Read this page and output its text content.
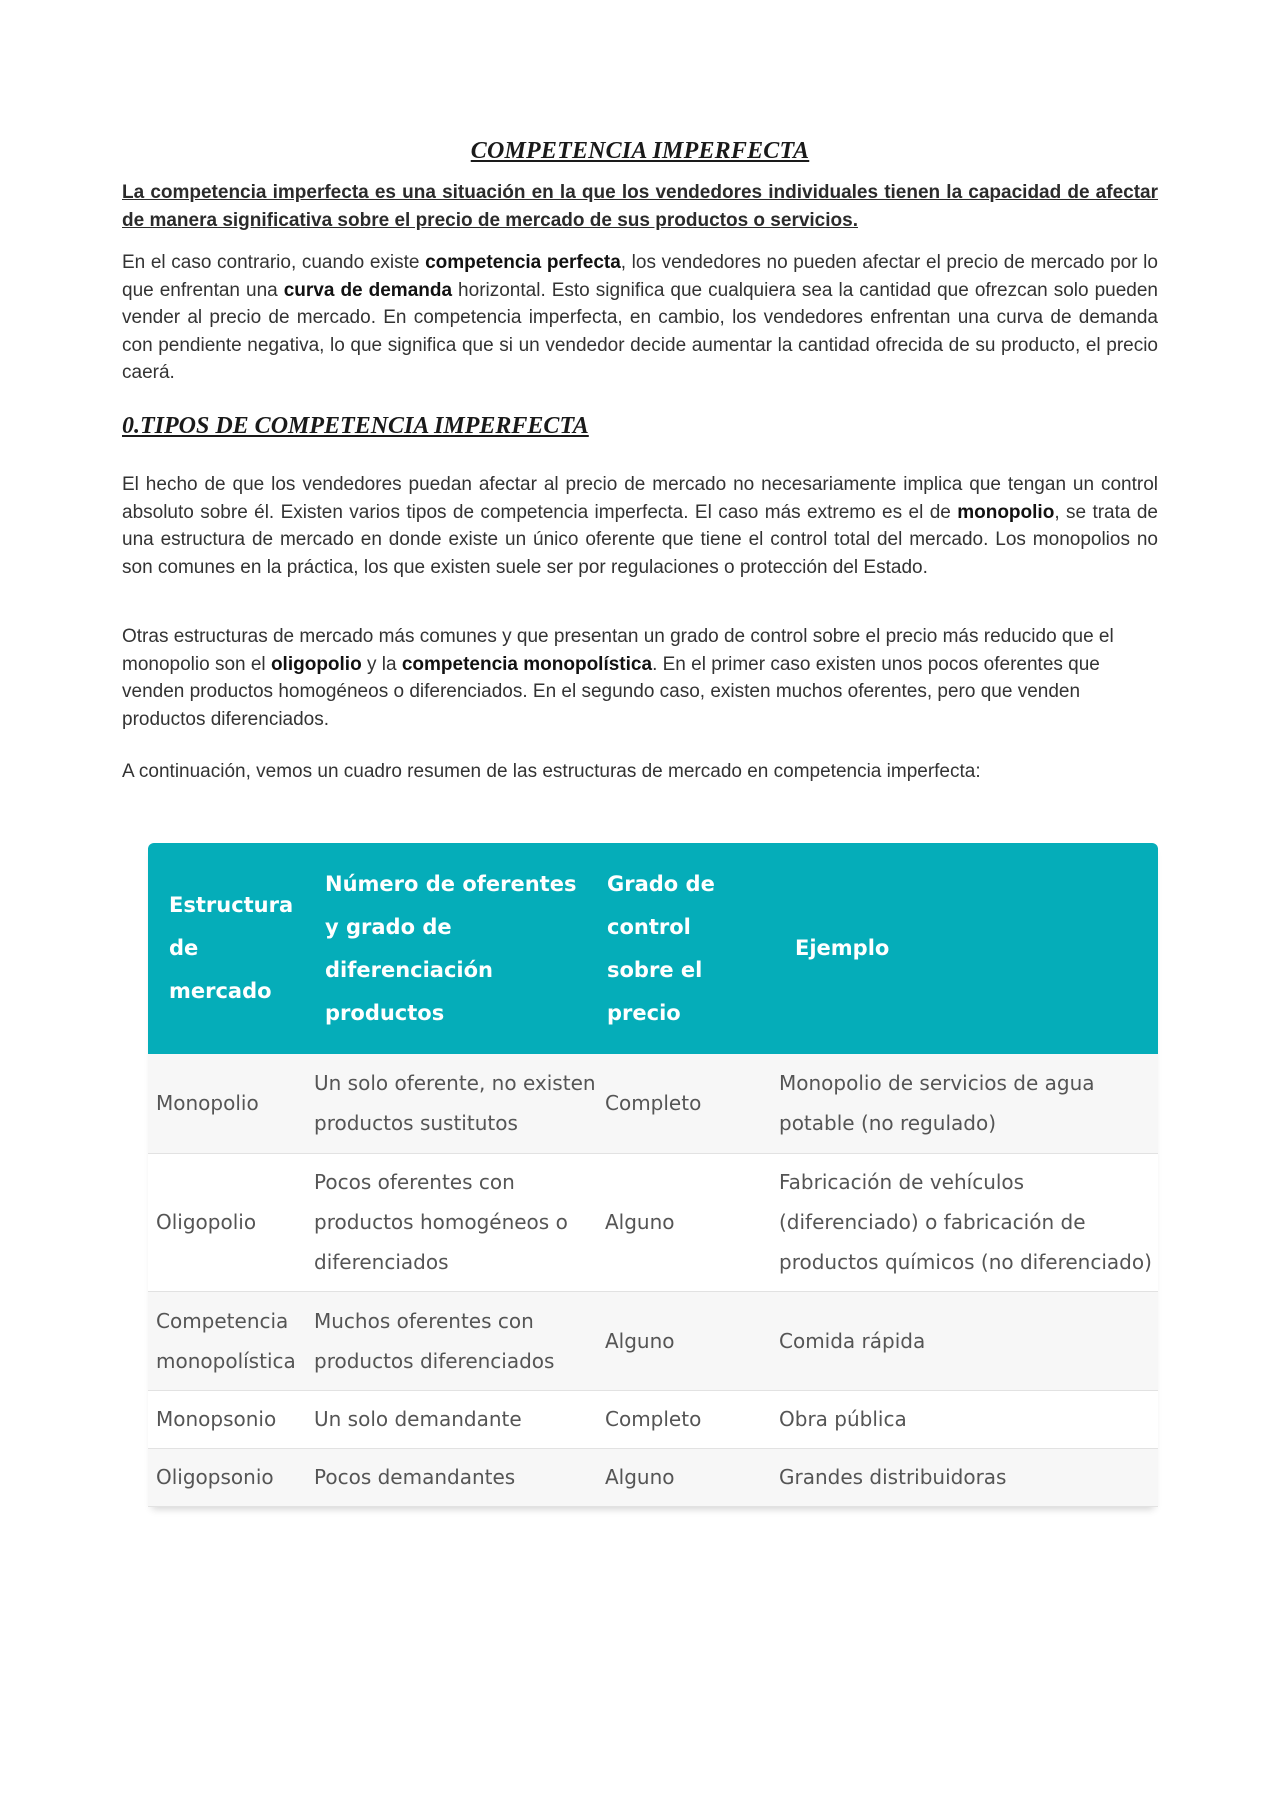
COMPETENCIA IMPERFECTA

La competencia imperfecta es una situación en la que los vendedores individuales tienen la capacidad de afectar de manera significativa sobre el precio de mercado de sus productos o servicios.

En el caso contrario, cuando existe competencia perfecta, los vendedores no pueden afectar el precio de mercado por lo que enfrentan una curva de demanda horizontal. Esto significa que cualquiera sea la cantidad que ofrezcan solo pueden vender al precio de mercado. En competencia imperfecta, en cambio, los vendedores enfrentan una curva de demanda con pendiente negativa, lo que significa que si un vendedor decide aumentar la cantidad ofrecida de su producto, el precio caerá.

0.TIPOS DE COMPETENCIA IMPERFECTA

El hecho de que los vendedores puedan afectar al precio de mercado no necesariamente implica que tengan un control absoluto sobre él. Existen varios tipos de competencia imperfecta. El caso más extremo es el de monopolio, se trata de una estructura de mercado en donde existe un único oferente que tiene el control total del mercado. Los monopolios no son comunes en la práctica, los que existen suele ser por regulaciones o protección del Estado.

Otras estructuras de mercado más comunes y que presentan un grado de control sobre el precio más reducido que el monopolio son el oligopolio y la competencia monopolística. En el primer caso existen unos pocos oferentes que venden productos homogéneos o diferenciados. En el segundo caso, existen muchos oferentes, pero que venden productos diferenciados.

A continuación, vemos un cuadro resumen de las estructuras de mercado en competencia imperfecta:

Estructura de mercado	Número de oferentes y grado de diferenciación productos	Grado de control sobre el precio	Ejemplo
Monopolio	Un solo oferente, no existen productos sustitutos	Completo	Monopolio de servicios de agua potable (no regulado)
Oligopolio	Pocos oferentes con productos homogéneos o diferenciados	Alguno	Fabricación de vehículos (diferenciado) o fabricación de productos químicos (no diferenciado)
Competencia monopolística	Muchos oferentes con productos diferenciados	Alguno	Comida rápida
Monopsonio	Un solo demandante	Completo	Obra pública
Oligopsonio	Pocos demandantes	Alguno	Grandes distribuidoras
